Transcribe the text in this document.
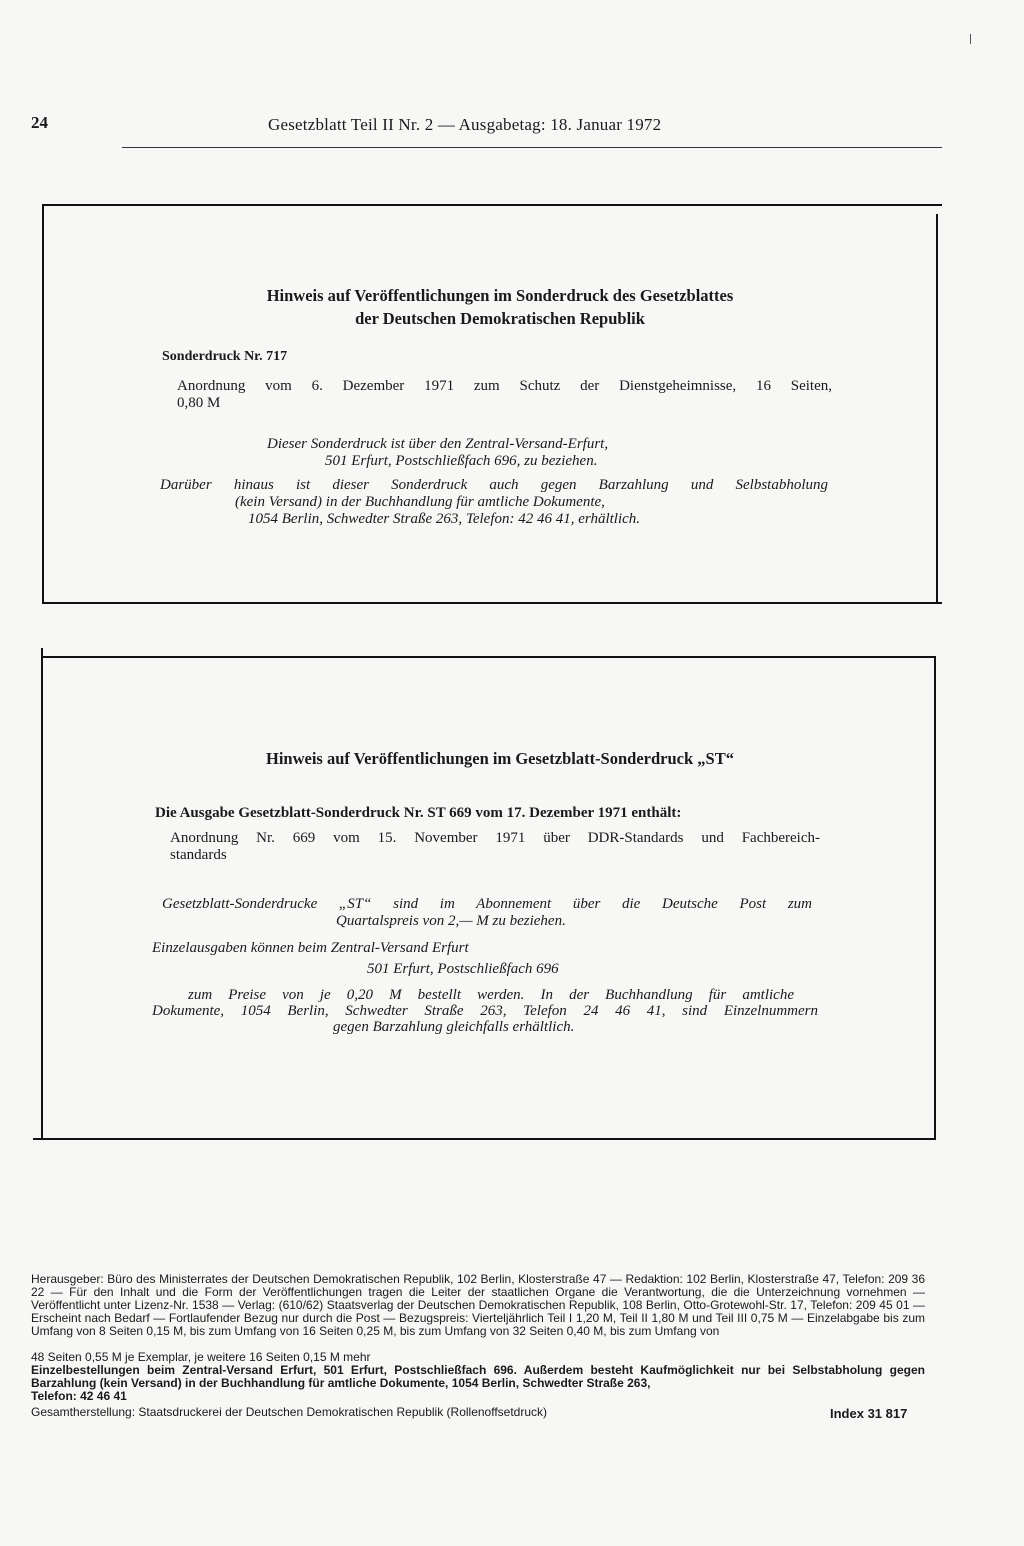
24	Gesetzblatt Teil II Nr. 2 — Ausgabetag: 18. Januar 1972
Hinweis auf Veröffentlichungen im Sonderdruck des Gesetzblattes
der Deutschen Demokratischen Republik
Sonderdruck Nr. 717
Anordnung vom 6. Dezember 1971 zum Schutz der Dienstgeheimnisse, 16 Seiten,
0,80 M
Dieser Sonderdruck ist über den Zentral-Versand-Erfurt,
501 Erfurt, Postschließfach 696, zu beziehen.
Darüber hinaus ist dieser Sonderdruck auch gegen Barzahlung und Selbstabholung
(kein Versand) in der Buchhandlung für amtliche Dokumente,
1054 Berlin, Schwedter Straße 263, Telefon: 42 46 41, erhältlich.
Hinweis auf Veröffentlichungen im Gesetzblatt-Sonderdruck „ST“
Die Ausgabe Gesetzblatt-Sonderdruck Nr. ST 669 vom 17. Dezember 1971 enthält:
Anordnung Nr. 669 vom 15. November 1971 über DDR-Standards und Fachbereich-
standards
Gesetzblatt-Sonderdrucke „ST“ sind im Abonnement über die Deutsche Post zum
Quartalspreis von 2,— M zu beziehen.
Einzelausgaben können beim Zentral-Versand Erfurt
501 Erfurt, Postschließfach 696
zum Preise von je 0,20 M bestellt werden. In der Buchhandlung für amtliche
Dokumente, 1054 Berlin, Schwedter Straße 263, Telefon 24 46 41, sind Einzelnummern
gegen Barzahlung gleichfalls erhältlich.
Herausgeber: Büro des Ministerrates der Deutschen Demokratischen Republik, 102 Berlin, Klosterstraße 47 — Redaktion: 102 Berlin, Klosterstraße 47, Telefon: 209 36 22 — Für den Inhalt und die Form der Veröffentlichungen tragen die Leiter der staatlichen Organe die Verantwortung, die die Unterzeichnung vornehmen — Veröffentlicht unter Lizenz-Nr. 1538 — Verlag: (610/62) Staatsverlag der Deutschen Demokratischen Republik, 108 Berlin, Otto-Grotewohl-Str. 17, Telefon: 209 45 01 — Erscheint nach Bedarf — Fortlaufender Bezug nur durch die Post — Bezugspreis: Vierteljährlich Teil I 1,20 M, Teil II 1,80 M und Teil III 0,75 M — Einzelabgabe bis zum Umfang von 8 Seiten 0,15 M, bis zum Umfang von 16 Seiten 0,25 M, bis zum Umfang von 32 Seiten 0,40 M, bis zum Umfang von
48 Seiten 0,55 M je Exemplar, je weitere 16 Seiten 0,15 M mehr
Einzelbestellungen beim Zentral-Versand Erfurt, 501 Erfurt, Postschließfach 696. Außerdem besteht Kaufmöglichkeit nur bei Selbstabholung gegen Barzahlung (kein Versand) in der Buchhandlung für amtliche Dokumente, 1054 Berlin, Schwedter Straße 263,
Telefon: 42 46 41
Gesamtherstellung: Staatsdruckerei der Deutschen Demokratischen Republik (Rollenoffsetdruck)	Index 31 817
